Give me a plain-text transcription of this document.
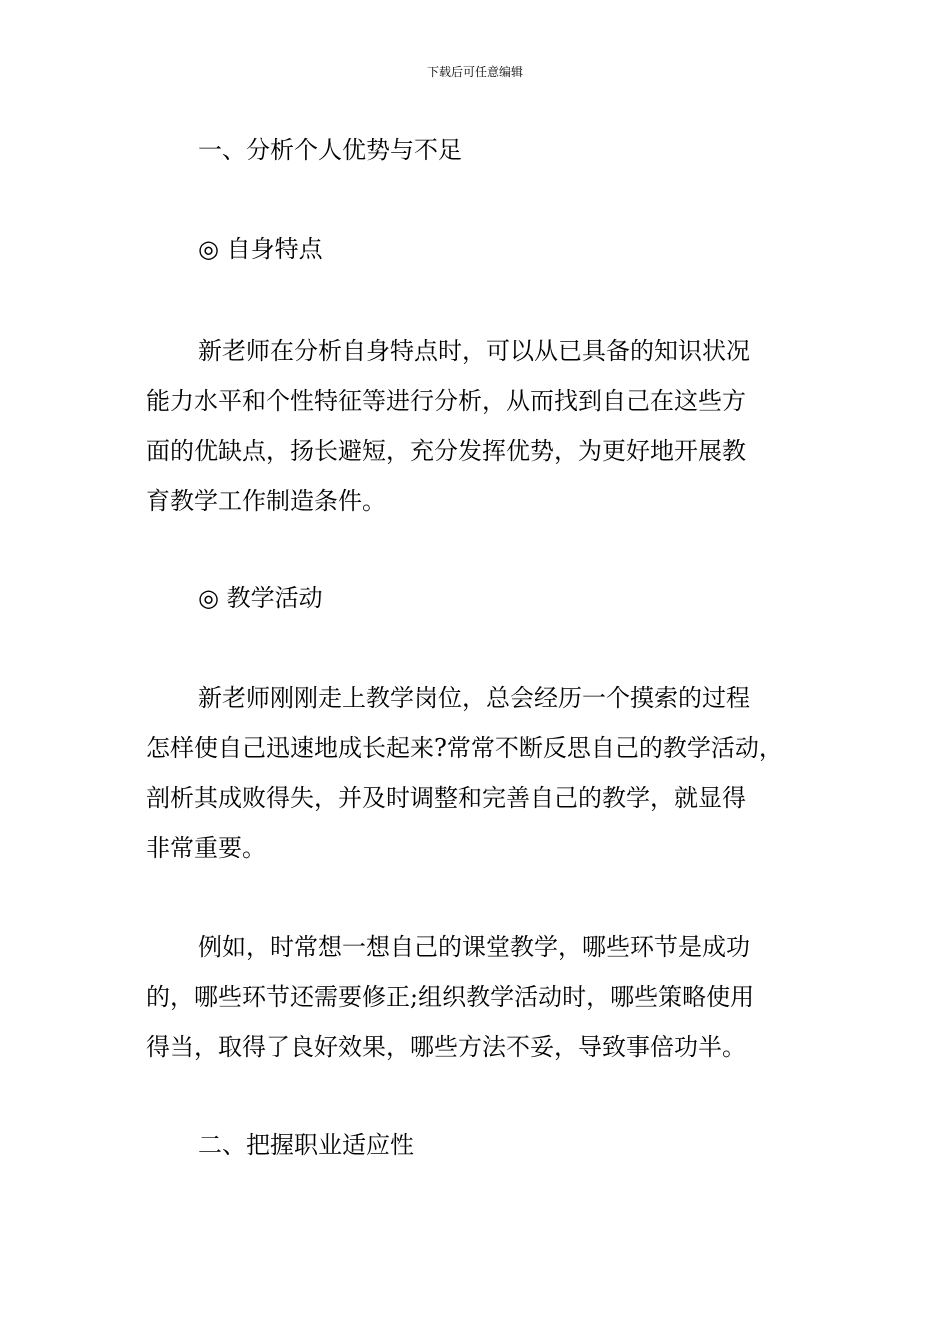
下载后可任意编辑

一、分析个人优势与不足

◎ 自身特点

新老师在分析自身特点时，可以从已具备的知识状况
能力水平和个性特征等进行分析，从而找到自己在这些方
面的优缺点，扬长避短，充分发挥优势，为更好地开展教
育教学工作制造条件。

◎ 教学活动

新老师刚刚走上教学岗位，总会经历一个摸索的过程
怎样使自己迅速地成长起来?常常不断反思自己的教学活动，
剖析其成败得失，并及时调整和完善自己的教学，就显得
非常重要。
例如，时常想一想自己的课堂教学，哪些环节是成功
的，哪些环节还需要修正;组织教学活动时，哪些策略使用
得当，取得了良好效果，哪些方法不妥，导致事倍功半。

二、把握职业适应性
